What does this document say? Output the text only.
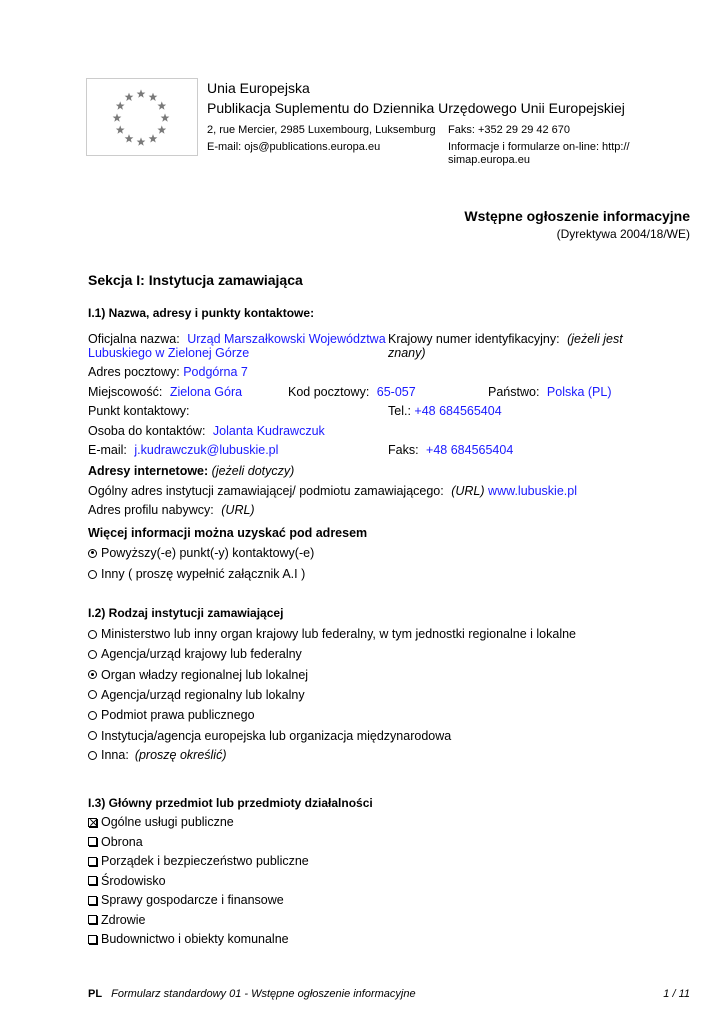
Unia Europejska
Publikacja Suplementu do Dziennika Urzędowego Unii Europejskiej
2, rue Mercier, 2985 Luxembourg, Luksemburg Faks: +352 29 29 42 670
E-mail: ojs@publications.europa.eu	Informacje i formularze on-line: http://
simap.europa.eu
Wstępne ogłoszenie informacyjne
(Dyrektywa 2004/18/WE)
Sekcja I: Instytucja zamawiająca
I.1) Nazwa, adresy i punkty kontaktowe:
Oficjalna nazwa: Urząd Marszałkowski Województwa
Lubuskiego w Zielonej Górze
Krajowy numer identyfikacyjny: (jeżeli jest
znany)
Adres pocztowy: Podgórna 7
Miejscowość: Zielona Góra	Kod pocztowy: 65-057	Państwo: Polska (PL)
Punkt kontaktowy:	Tel.: +48 684565404
Osoba do kontaktów: Jolanta Kudrawczuk
E-mail: j.kudrawczuk@lubuskie.pl	Faks: +48 684565404
Adresy internetowe: (jeżeli dotyczy)
Ogólny adres instytucji zamawiającej/ podmiotu zamawiającego: (URL) www.lubuskie.pl
Adres profilu nabywcy: (URL)
Więcej informacji można uzyskać pod adresem
Powyższy(-e) punkt(-y) kontaktowy(-e)
Inny ( proszę wypełnić załącznik A.I )
I.2) Rodzaj instytucji zamawiającej
Ministerstwo lub inny organ krajowy lub federalny, w tym jednostki regionalne i lokalne
Agencja/urząd krajowy lub federalny
Organ władzy regionalnej lub lokalnej
Agencja/urząd regionalny lub lokalny
Podmiot prawa publicznego
Instytucja/agencja europejska lub organizacja międzynarodowa
Inna: (proszę określić)
I.3) Główny przedmiot lub przedmioty działalności
Ogólne usługi publiczne
Obrona
Porządek i bezpieczeństwo publiczne
Środowisko
Sprawy gospodarcze i finansowe
Zdrowie
Budownictwo i obiekty komunalne
PL Formularz standardowy 01 - Wstępne ogłoszenie informacyjne	1 / 11
